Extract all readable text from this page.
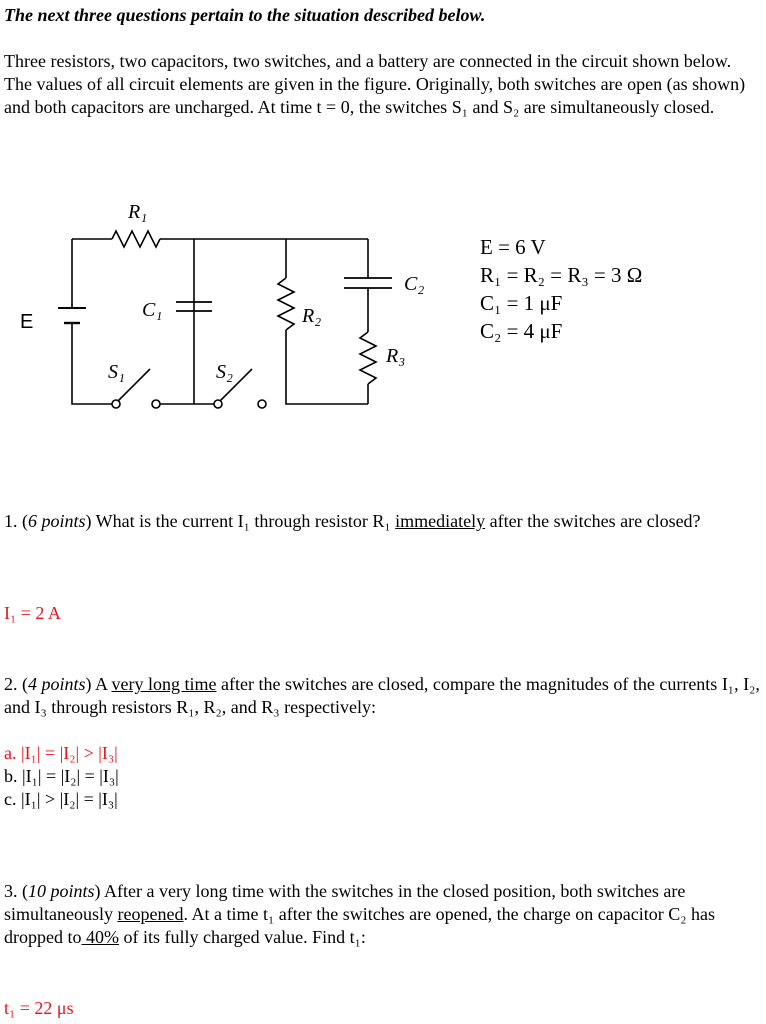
The next three questions pertain to the situation described below.
Three resistors, two capacitors, two switches, and a battery are connected in the circuit shown below. The values of all circuit elements are given in the figure. Originally, both switches are open (as shown) and both capacitors are uncharged. At time t = 0, the switches S₁ and S₂ are simultaneously closed.
R₁
C₁	R₂
C₂
R₃
S₁	S₂
E
E = 6 V
R₁ = R₂ = R₃ = 3 Ω
C₁ = 1 μF
C₂ = 4 μF
1. (6 points) What is the current I₁ through resistor R₁ immediately after the switches are closed?
I₁ = 2 A
2. (4 points) A very long time after the switches are closed, compare the magnitudes of the currents I₁, I₂, and I₃ through resistors R₁, R₂, and R₃ respectively:
a. |I₁| = |I₂| > |I₃|
b. |I₁| = |I₂| = |I₃|
c. |I₁| > |I₂| = |I₃|
3. (10 points) After a very long time with the switches in the closed position, both switches are simultaneously reopened. At a time t₁ after the switches are opened, the charge on capacitor C₂ has dropped to 40% of its fully charged value. Find t₁:
t₁ = 22 μs
